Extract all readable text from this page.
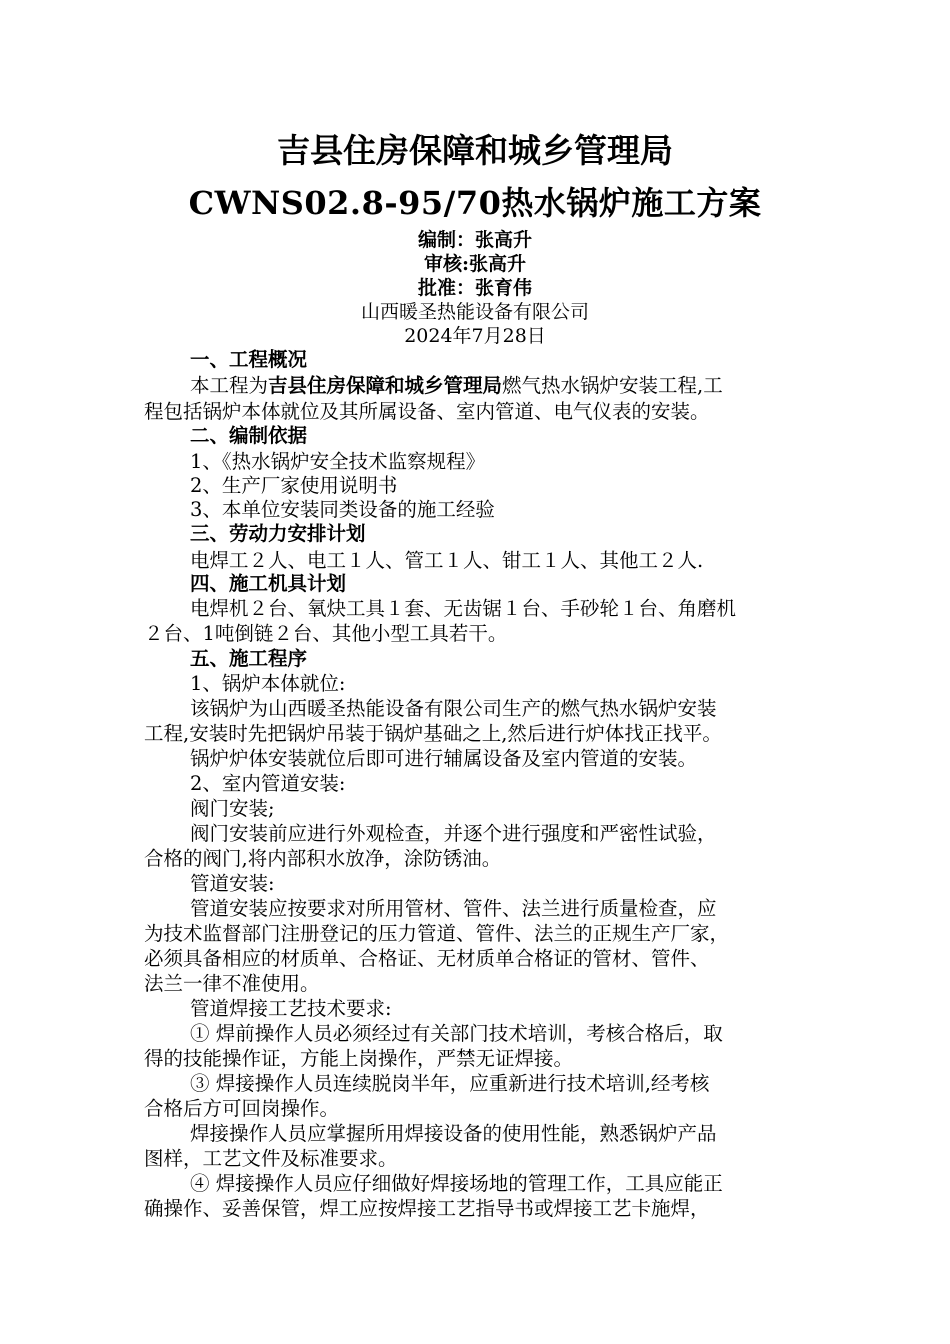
吉县住房保障和城乡管理局
CWNS02.8-95/70热水锅炉施工方案
编制：张高升
审核:张高升
批准：张育伟
山西暖圣热能设备有限公司
2024年7月28日
一、工程概况
本工程为吉县住房保障和城乡管理局燃气热水锅炉安装工程,工
程包括锅炉本体就位及其所属设备、室内管道、电气仪表的安装。
二、编制依据
1、《热水锅炉安全技术监察规程》
2、生产厂家使用说明书
3、本单位安装同类设备的施工经验
三、劳动力安排计划
电焊工２人、电工１人、管工１人、钳工１人、其他工２人.
四、施工机具计划
电焊机２台、氧炔工具１套、无齿锯１台、手砂轮１台、角磨机
２台、1吨倒链２台、其他小型工具若干。
五、施工程序
1、锅炉本体就位:
该锅炉为山西暖圣热能设备有限公司生产的燃气热水锅炉安装
工程,安装时先把锅炉吊装于锅炉基础之上,然后进行炉体找正找平。
锅炉炉体安装就位后即可进行辅属设备及室内管道的安装。
2、室内管道安装:
阀门安装;
阀门安装前应进行外观检查，并逐个进行强度和严密性试验，
合格的阀门,将内部积水放净，涂防锈油。
管道安装:
管道安装应按要求对所用管材、管件、法兰进行质量检查，应
为技术监督部门注册登记的压力管道、管件、法兰的正规生产厂家，
必须具备相应的材质单、合格证、无材质单合格证的管材、管件、
法兰一律不准使用。
管道焊接工艺技术要求:
① 焊前操作人员必须经过有关部门技术培训，考核合格后，取
得的技能操作证，方能上岗操作，严禁无证焊接。
③ 焊接操作人员连续脱岗半年，应重新进行技术培训,经考核
合格后方可回岗操作。
焊接操作人员应掌握所用焊接设备的使用性能，熟悉锅炉产品
图样，工艺文件及标准要求。
④ 焊接操作人员应仔细做好焊接场地的管理工作，工具应能正
确操作、妥善保管，焊工应按焊接工艺指导书或焊接工艺卡施焊，
